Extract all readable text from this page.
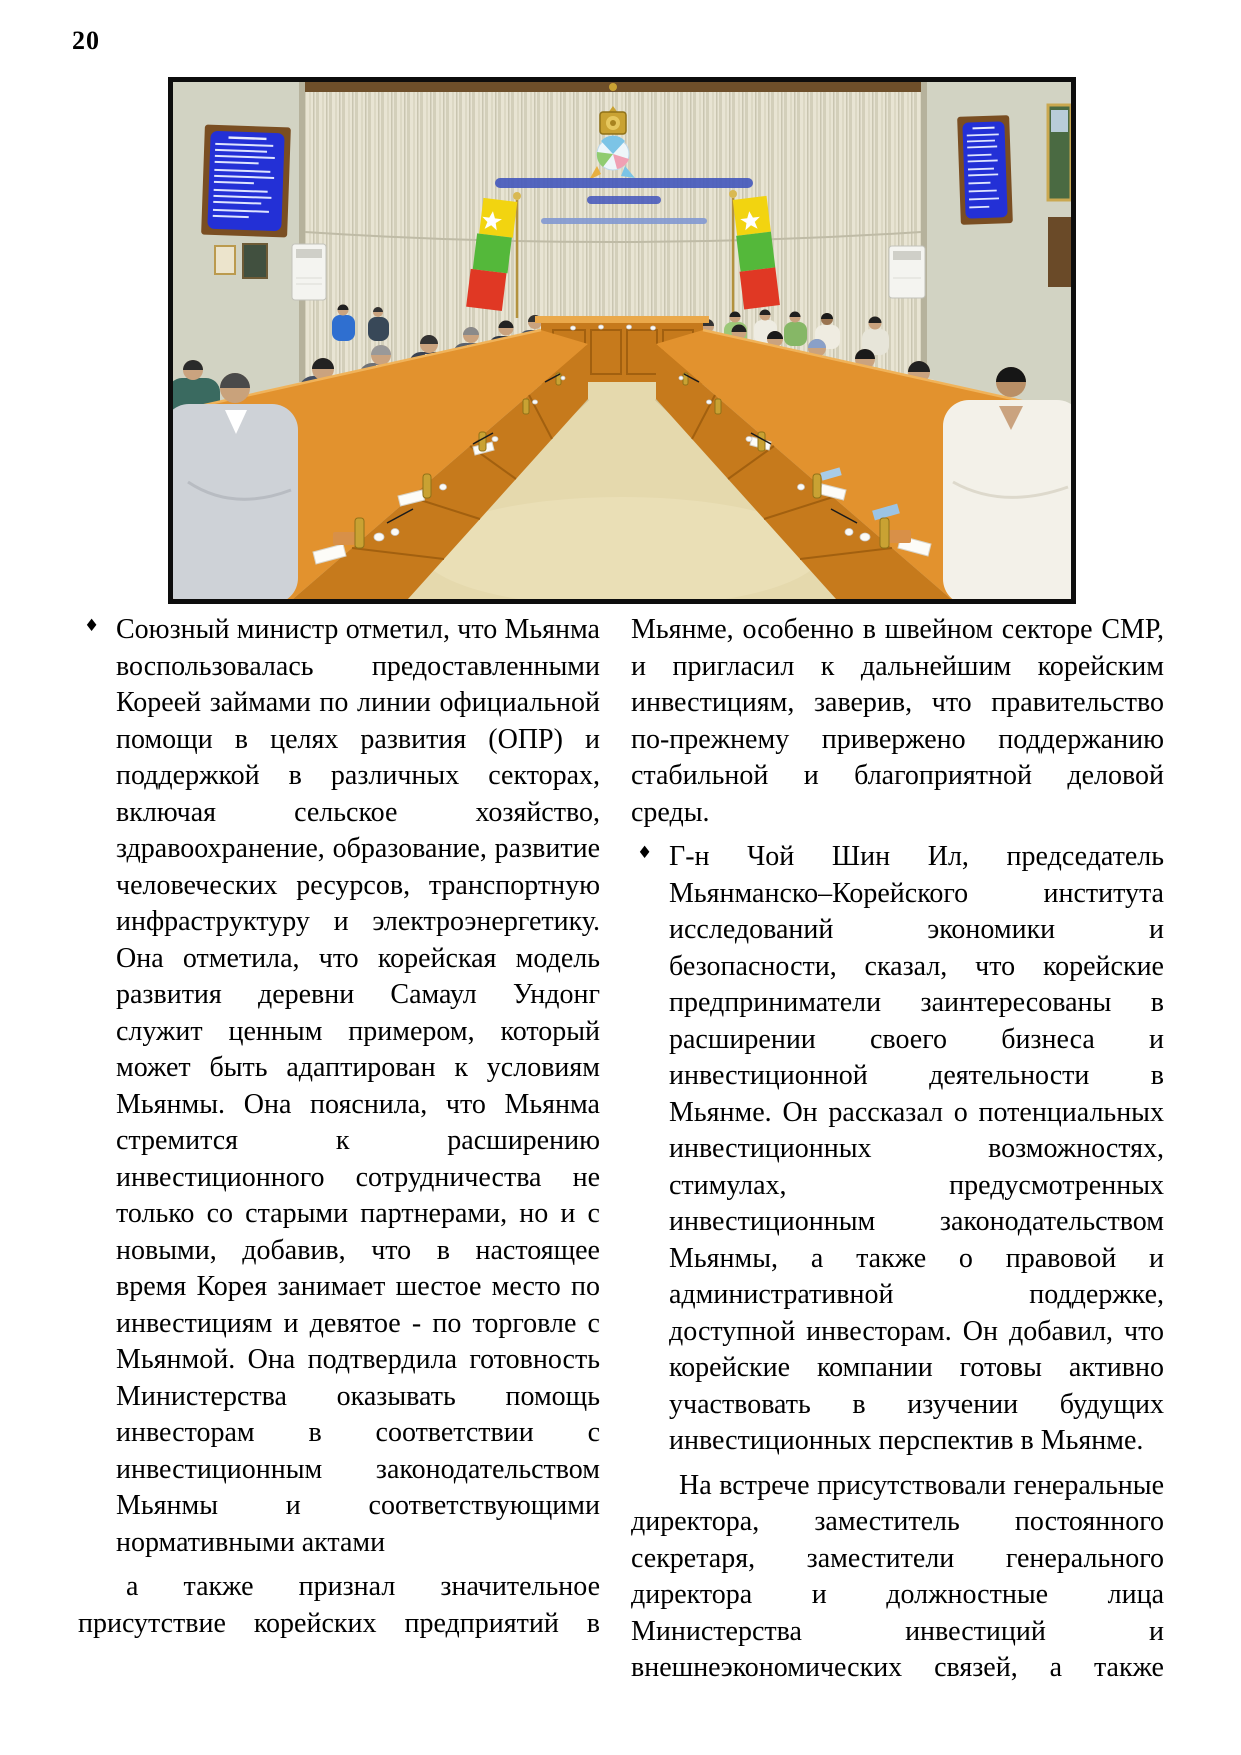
20

♦ Союзный министр отметил, что Мьянма воспользовалась предоставленными Кореей займами по линии официальной помощи в целях развития (ОПР) и поддержкой в различных секторах, включая сельское хозяйство, здравоохранение, образование, развитие человеческих ресурсов, транспортную инфраструктуру и электроэнергетику. Она отметила, что корейская модель развития деревни Самаул Ундонг служит ценным примером, который может быть адаптирован к условиям Мьянмы. Она пояснила, что Мьянма стремится к расширению инвестиционного сотрудничества не только со старыми партнерами, но и с новыми, добавив, что в настоящее время Корея занимает шестое место по инвестициям и девятое - по торговле с Мьянмой. Она подтвердила готовность Министерства оказывать помощь инвесторам в соответствии с инвестиционным законодательством Мьянмы и соответствующими нормативными актами

а также признал значительное присутствие корейских предприятий в

Мьянме, особенно в швейном секторе СМР, и пригласил к дальнейшим корейским инвестициям, заверив, что правительство по-прежнему привержено поддержанию стабильной и благоприятной деловой среды.

♦ Г-н Чой Шин Ил, председатель Мьянманско–Корейского института исследований экономики и безопасности, сказал, что корейские предприниматели заинтересованы в расширении своего бизнеса и инвестиционной деятельности в Мьянме. Он рассказал о потенциальных инвестиционных возможностях, стимулах, предусмотренных инвестиционным законодательством Мьянмы, а также о правовой и административной поддержке, доступной инвесторам. Он добавил, что корейские компании готовы активно участвовать в изучении будущих инвестиционных перспектив в Мьянме.

На встрече присутствовали генеральные директора, заместитель постоянного секретаря, заместители генерального директора и должностные лица Министерства инвестиций и внешнеэкономических связей, а также
